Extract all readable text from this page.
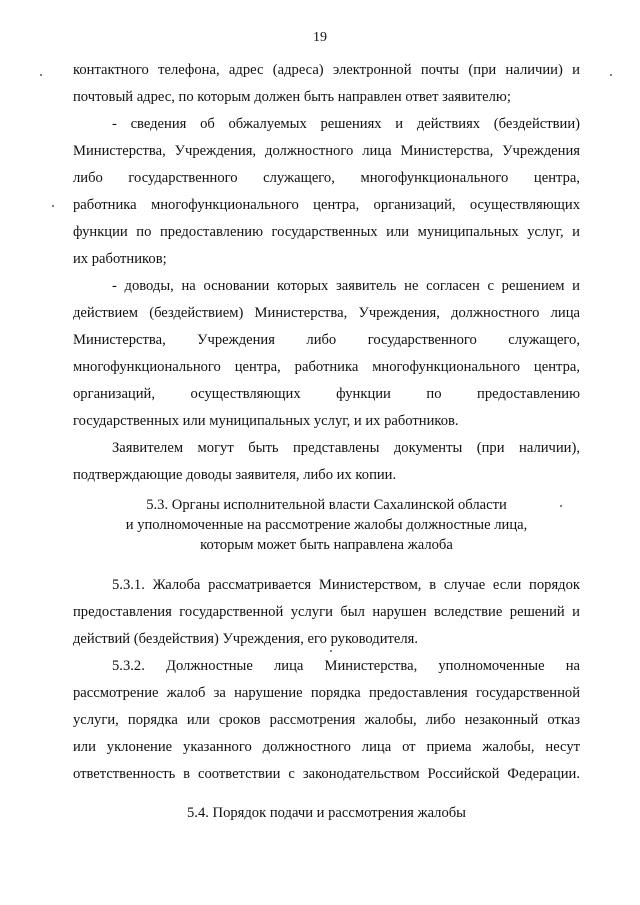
19
контактного телефона, адрес (адреса) электронной почты (при наличии) и
почтовый адрес, по которым должен быть направлен ответ заявителю;
- сведения об обжалуемых решениях и действиях (бездействии)
Министерства, Учреждения, должностного лица Министерства, Учреждения
либо государственного служащего, многофункционального центра,
работника многофункционального центра, организаций, осуществляющих
функции по предоставлению государственных или муниципальных услуг, и
их работников;
- доводы, на основании которых заявитель не согласен с решением и
действием (бездействием) Министерства, Учреждения, должностного лица
Министерства, Учреждения либо государственного служащего,
многофункционального центра, работника многофункционального центра,
организаций, осуществляющих функции по предоставлению
государственных или муниципальных услуг, и их работников.
Заявителем могут быть представлены документы (при наличии),
подтверждающие доводы заявителя, либо их копии.
5.3. Органы исполнительной власти Сахалинской области
и уполномоченные на рассмотрение жалобы должностные лица,
которым может быть направлена жалоба
5.3.1. Жалоба рассматривается Министерством, в случае если порядок
предоставления государственной услуги был нарушен вследствие решений и
действий (бездействия) Учреждения, его руководителя.
5.3.2. Должностные лица Министерства, уполномоченные на
рассмотрение жалоб за нарушение порядка предоставления государственной
услуги, порядка или сроков рассмотрения жалобы, либо незаконный отказ
или уклонение указанного должностного лица от приема жалобы, несут
ответственность в соответствии с законодательством Российской Федерации.
5.4. Порядок подачи и рассмотрения жалобы
